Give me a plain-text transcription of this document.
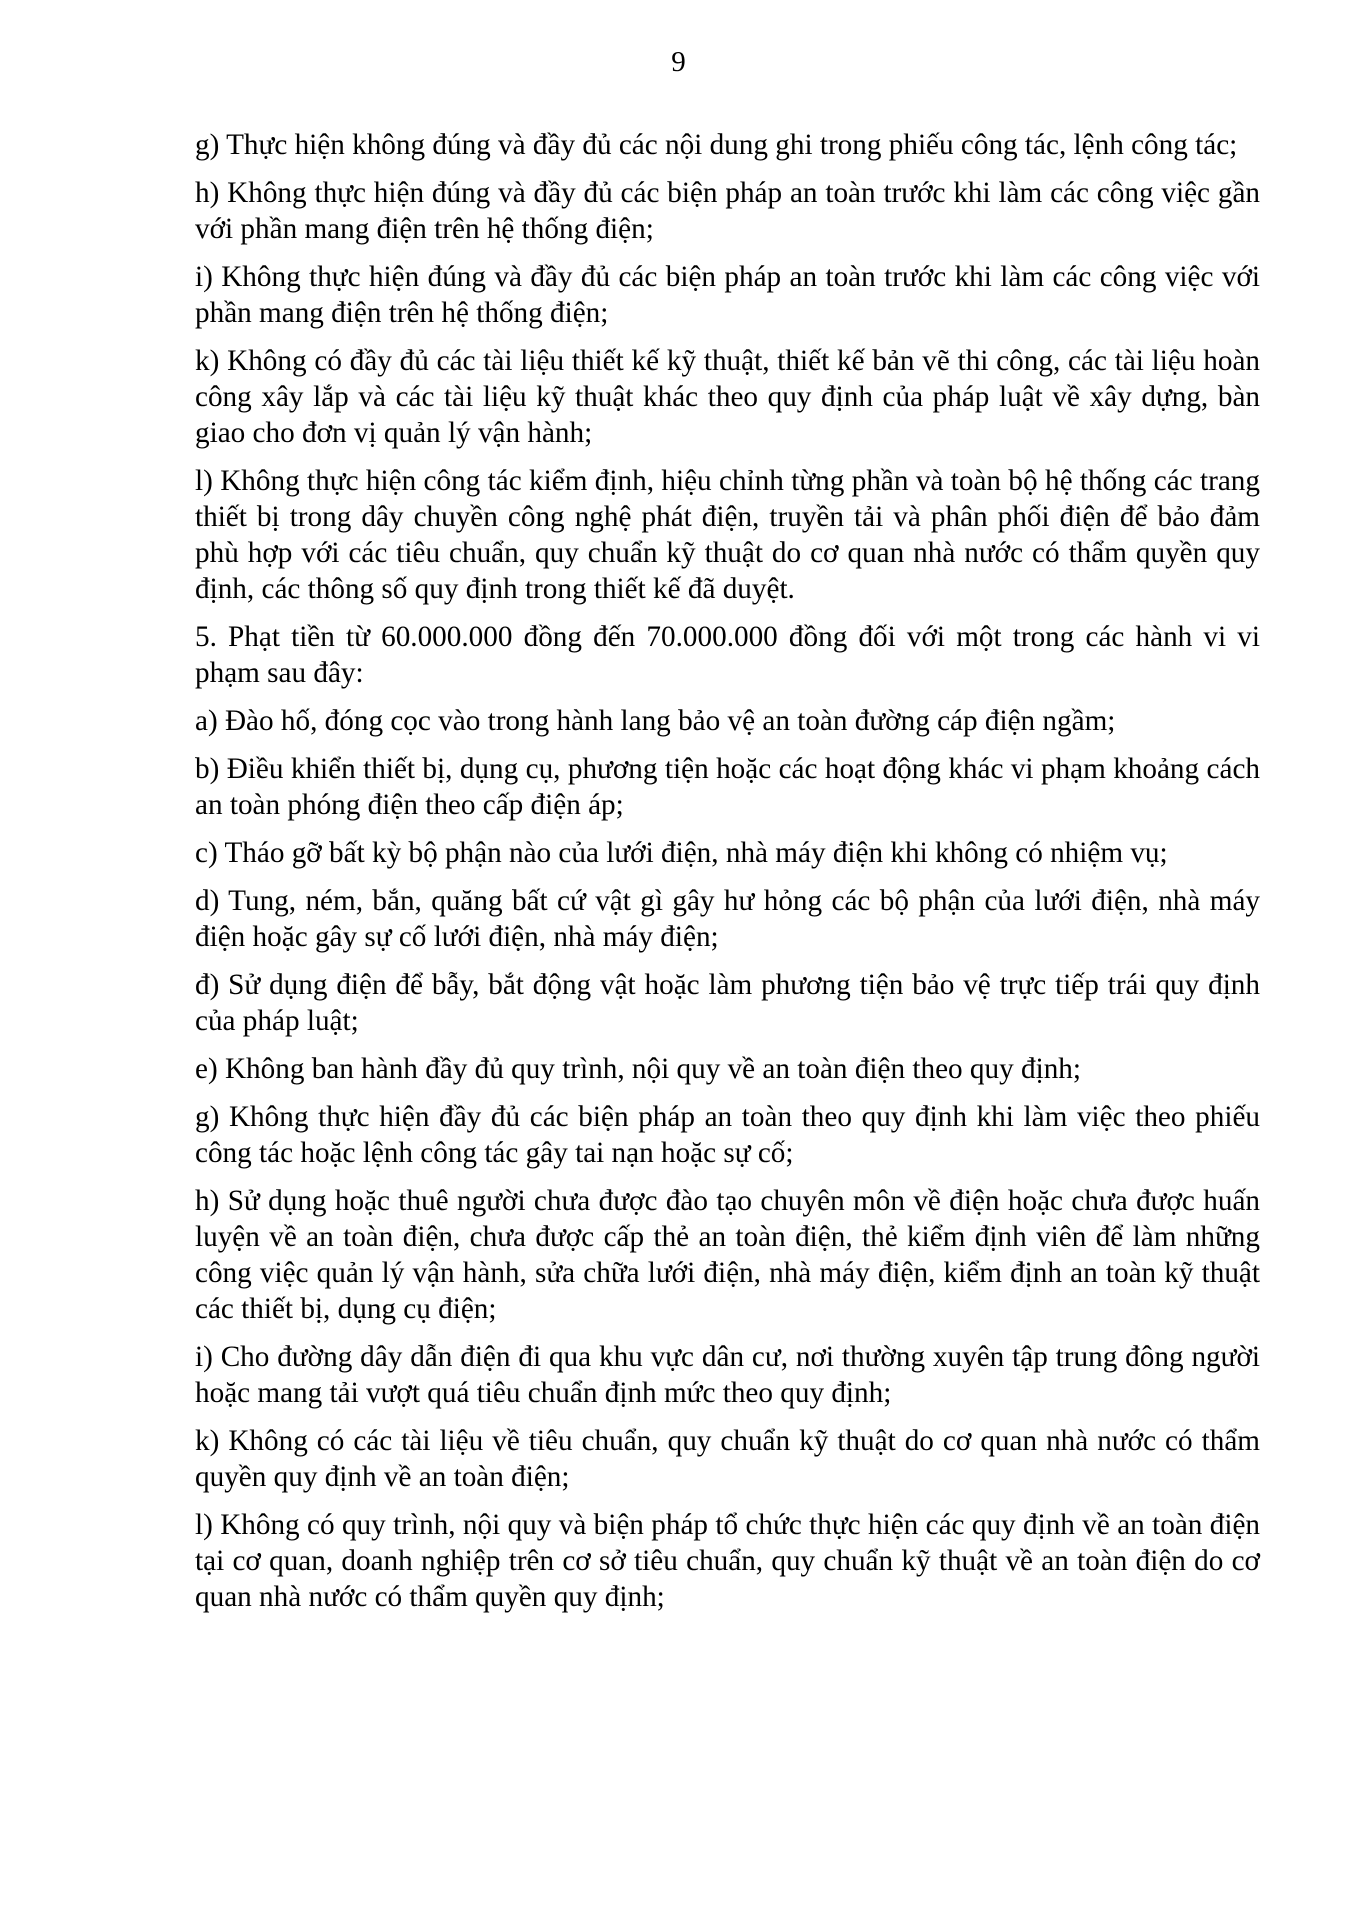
9

g) Thực hiện không đúng và đầy đủ các nội dung ghi trong phiếu công tác, lệnh công tác;

h) Không thực hiện đúng và đầy đủ các biện pháp an toàn trước khi làm các công việc gần với phần mang điện trên hệ thống điện;

i) Không thực hiện đúng và đầy đủ các biện pháp an toàn trước khi làm các công việc với phần mang điện trên hệ thống điện;

k) Không có đầy đủ các tài liệu thiết kế kỹ thuật, thiết kế bản vẽ thi công, các tài liệu hoàn công xây lắp và các tài liệu kỹ thuật khác theo quy định của pháp luật về xây dựng, bàn giao cho đơn vị quản lý vận hành;

l) Không thực hiện công tác kiểm định, hiệu chỉnh từng phần và toàn bộ hệ thống các trang thiết bị trong dây chuyền công nghệ phát điện, truyền tải và phân phối điện để bảo đảm phù hợp với các tiêu chuẩn, quy chuẩn kỹ thuật do cơ quan nhà nước có thẩm quyền quy định, các thông số quy định trong thiết kế đã duyệt.

5. Phạt tiền từ 60.000.000 đồng đến 70.000.000 đồng đối với một trong các hành vi vi phạm sau đây:

a) Đào hố, đóng cọc vào trong hành lang bảo vệ an toàn đường cáp điện ngầm;

b) Điều khiển thiết bị, dụng cụ, phương tiện hoặc các hoạt động khác vi phạm khoảng cách an toàn phóng điện theo cấp điện áp;

c) Tháo gỡ bất kỳ bộ phận nào của lưới điện, nhà máy điện khi không có nhiệm vụ;

d) Tung, ném, bắn, quăng bất cứ vật gì gây hư hỏng các bộ phận của lưới điện, nhà máy điện hoặc gây sự cố lưới điện, nhà máy điện;

đ) Sử dụng điện để bẫy, bắt động vật hoặc làm phương tiện bảo vệ trực tiếp trái quy định của pháp luật;

e) Không ban hành đầy đủ quy trình, nội quy về an toàn điện theo quy định;

g) Không thực hiện đầy đủ các biện pháp an toàn theo quy định khi làm việc theo phiếu công tác hoặc lệnh công tác gây tai nạn hoặc sự cố;

h) Sử dụng hoặc thuê người chưa được đào tạo chuyên môn về điện hoặc chưa được huấn luyện về an toàn điện, chưa được cấp thẻ an toàn điện, thẻ kiểm định viên để làm những công việc quản lý vận hành, sửa chữa lưới điện, nhà máy điện, kiểm định an toàn kỹ thuật các thiết bị, dụng cụ điện;

i) Cho đường dây dẫn điện đi qua khu vực dân cư, nơi thường xuyên tập trung đông người hoặc mang tải vượt quá tiêu chuẩn định mức theo quy định;

k) Không có các tài liệu về tiêu chuẩn, quy chuẩn kỹ thuật do cơ quan nhà nước có thẩm quyền quy định về an toàn điện;

l) Không có quy trình, nội quy và biện pháp tổ chức thực hiện các quy định về an toàn điện tại cơ quan, doanh nghiệp trên cơ sở tiêu chuẩn, quy chuẩn kỹ thuật về an toàn điện do cơ quan nhà nước có thẩm quyền quy định;
